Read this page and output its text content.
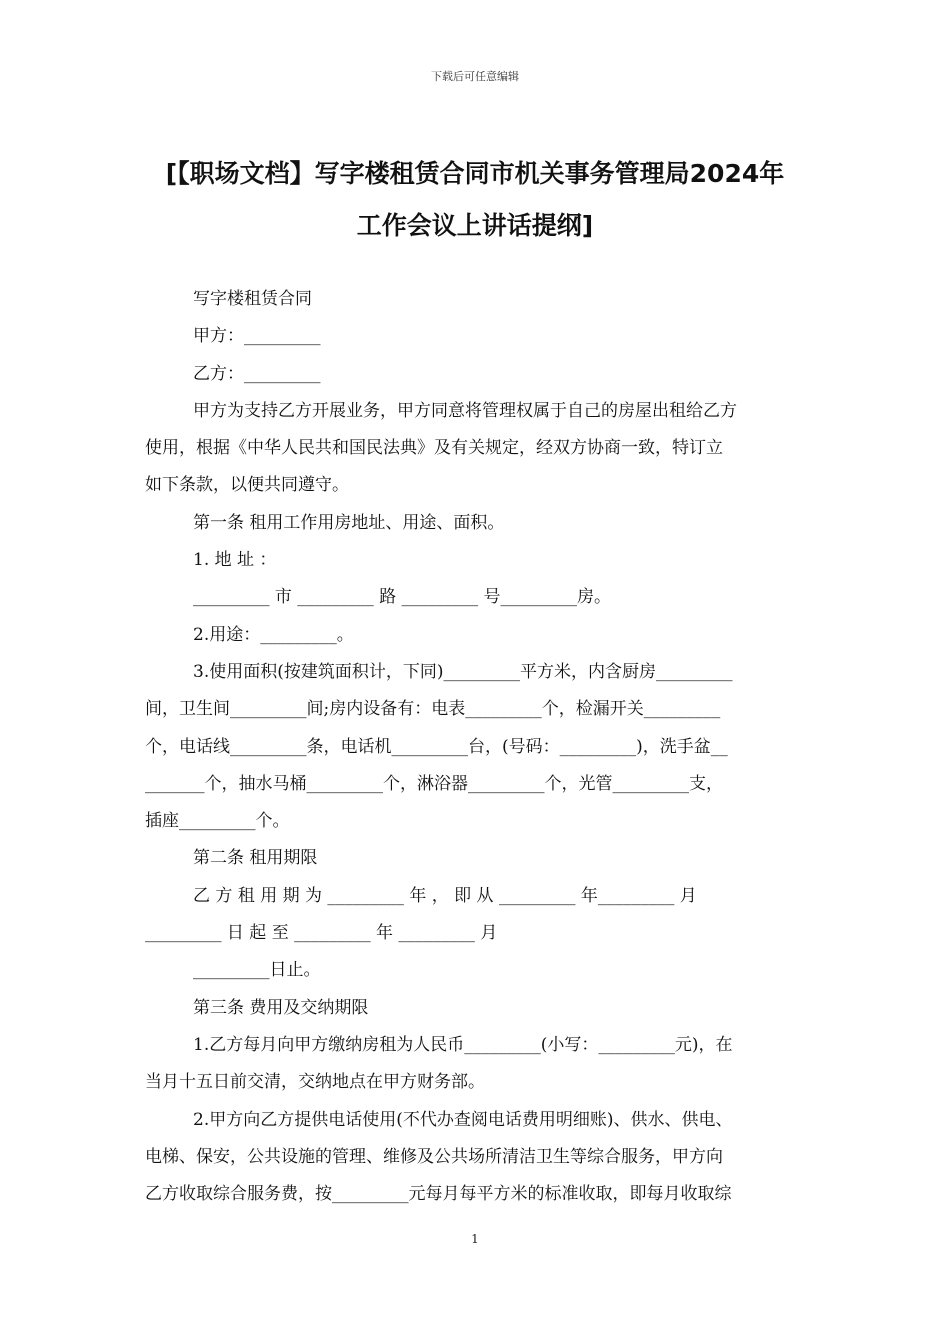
下载后可任意编辑
[【职场文档】写字楼租赁合同市机关事务管理局2024年
工作会议上讲话提纲]

写字楼租赁合同

甲方：_________

乙方：_________

甲方为支持乙方开展业务，甲方同意将管理权属于自己的房屋出租给乙方

使用，根据《中华人民共和国民法典》及有关规定，经双方协商一致，特订立

如下条款，以便共同遵守。

第一条 租用工作用房地址、用途、面积。

1. 地 址 ：

_________ 市 _________ 路 _________ 号_________房。

2.用途：_________。

3.使用面积(按建筑面积计，下同)_________平方米，内含厨房_________

间，卫生间_________间;房内设备有：电表_________个，检漏开关_________

个，电话线_________条，电话机_________台，(号码：_________)，洗手盆__

_______个，抽水马桶_________个，淋浴器_________个，光管_________支，

插座_________个。

第二条 租用期限

乙 方 租 用 期 为 _________ 年 ， 即 从 _________ 年_________ 月

_________ 日 起 至 _________ 年 _________ 月

_________日止。

第三条 费用及交纳期限

1.乙方每月向甲方缴纳房租为人民币_________(小写：_________元)，在

当月十五日前交清，交纳地点在甲方财务部。

2.甲方向乙方提供电话使用(不代办查阅电话费用明细账)、供水、供电、

电梯、保安，公共设施的管理、维修及公共场所清洁卫生等综合服务，甲方向

乙方收取综合服务费，按_________元每月每平方米的标准收取，即每月收取综

1
